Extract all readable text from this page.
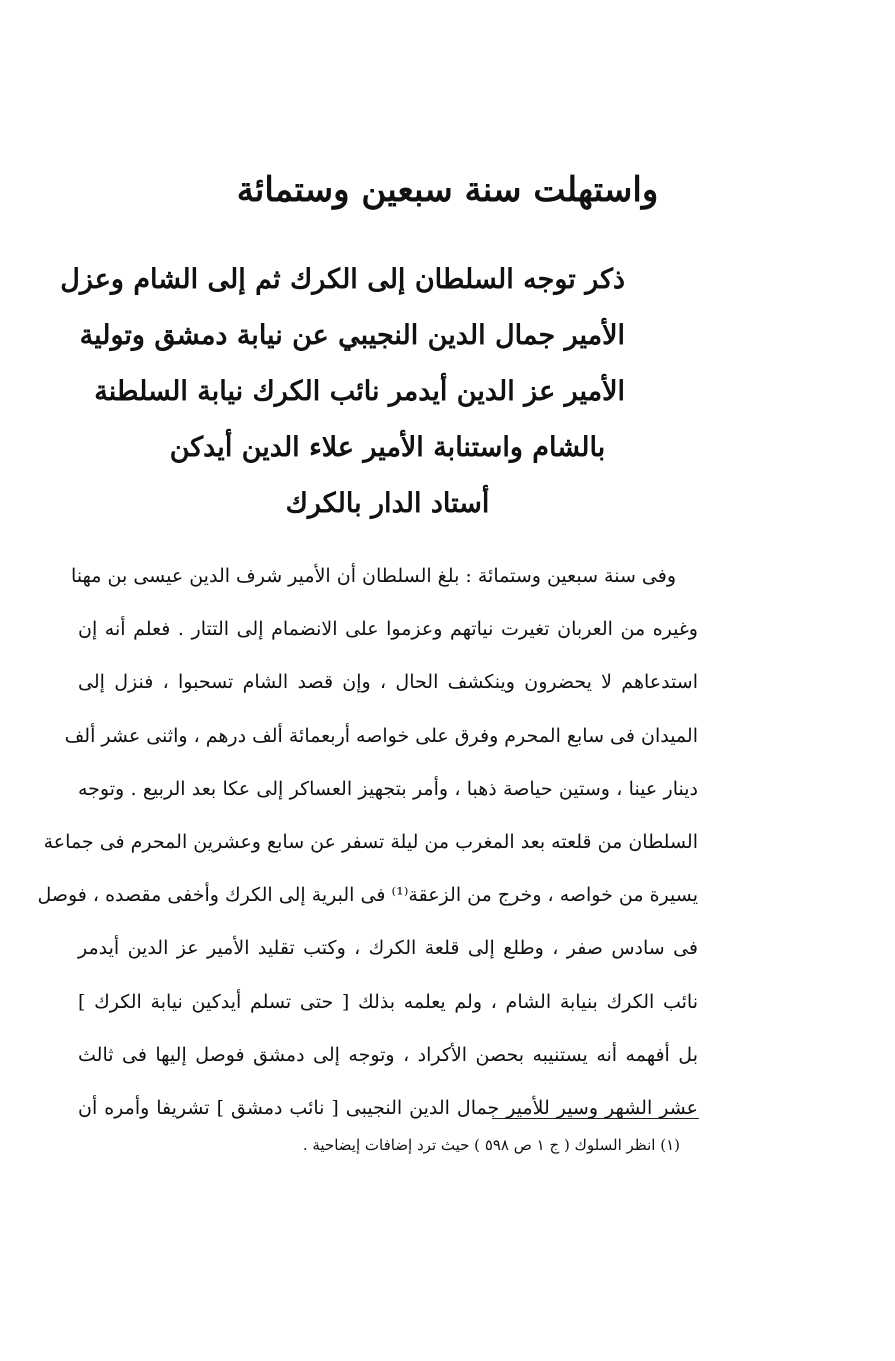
واستهلت سنة سبعين وستمائة
ذكر توجه السلطان إلى الكرك ثم إلى الشام وعزل
الأمير جمال الدين النجيبي عن نيابة دمشق وتولية
الأمير عز الدين أيدمر نائب الكرك نيابة السلطنة
بالشام واستنابة الأمير علاء الدين أيدكن
أستاد الدار بالكرك
وفى سنة سبعين وستمائة : بلغ السلطان أن الأمير شرف الدين عيسى بن مهنا
وغيره من العربان تغيرت نياتهم وعزموا على الانضمام إلى التتار . فعلم أنه إن
استدعاهم لا يحضرون وينكشف الحال ، وإن قصد الشام تسحبوا ، فنزل إلى
الميدان فى سابع المحرم وفرق على خواصه أربعمائة ألف درهم ، واثنى عشر ألف
دينار عينا ، وستين حياصة ذهبا ، وأمر بتجهيز العساكر إلى عكا بعد الربيع . وتوجه
السلطان من قلعته بعد المغرب من ليلة تسفر عن سابع وعشرين المحرم فى جماعة
يسيرة من خواصه ، وخرج من الزعقة⁽¹⁾ فى البرية إلى الكرك وأخفى مقصده ، فوصل
فى سادس صفر ، وطلع إلى قلعة الكرك ، وكتب تقليد الأمير عز الدين أيدمر
نائب الكرك بنيابة الشام ، ولم يعلمه بذلك [ حتى تسلم أيدكين نيابة الكرك ]
بل أفهمه أنه يستنيبه بحصن الأكراد ، وتوجه إلى دمشق فوصل إليها فى ثالث
عشر الشهر وسير للأمير جمال الدين النجيبى [ نائب دمشق ] تشريفا وأمره أن

(١) انظر السلوك ( ج ١ ص ٥٩٨ ) حيث ترد إضافات إيضاحية .
